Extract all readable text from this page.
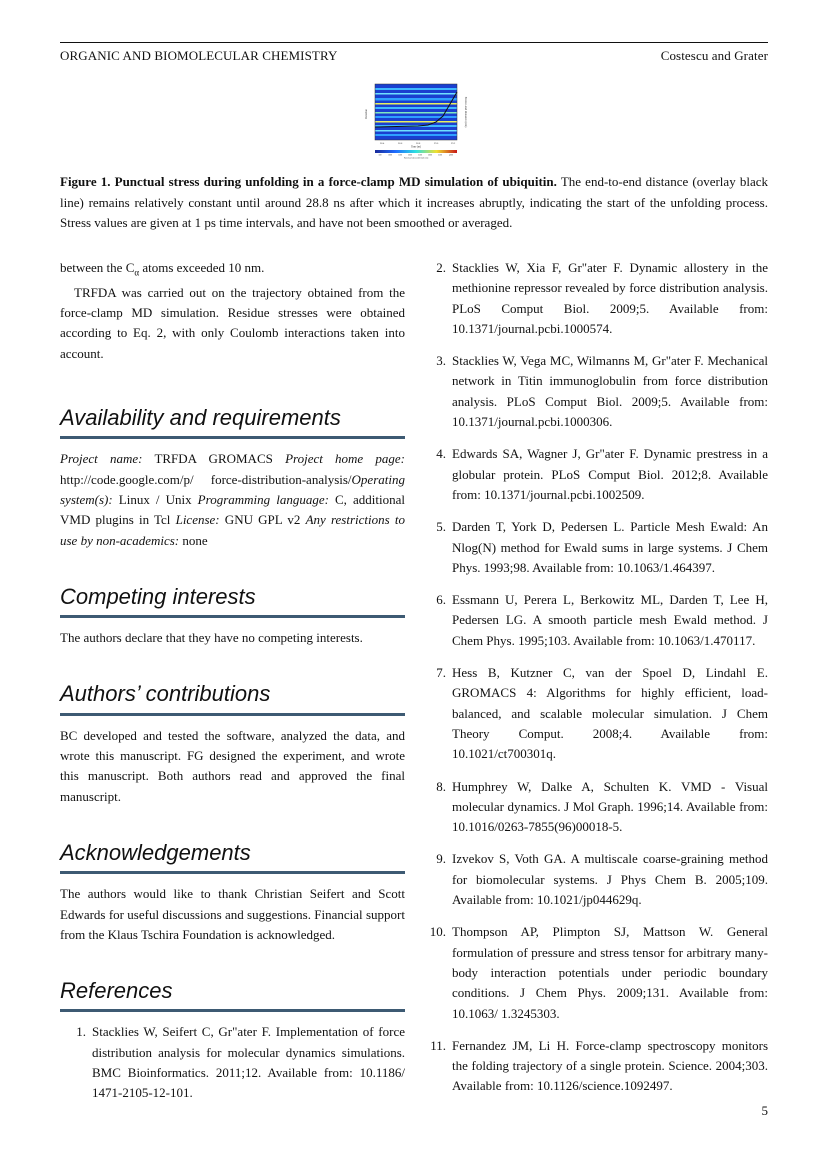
ORGANIC AND BIOMOLECULAR CHEMISTRY	Costescu and Grater
Residue	End-to-end distance (nm)
28.4	28.6	28.8	29.0	29.2
Time (ns)
500	1000	1500	2000	2500	3000	3500	4000
Punctual stress (kJ/mol nm)
Figure 1. Punctual stress during unfolding in a force-clamp MD simulation of ubiquitin. The end-to-end distance (overlay black line) remains relatively constant until around 28.8 ns after which it increases abruptly, indicating the start of the unfolding process. Stress values are given at 1 ps time intervals, and have not been smoothed or averaged.

between the $C_\alpha$ atoms exceeded 10 nm.

TRFDA was carried out on the trajectory obtained from the force-clamp MD simulation. Residue stresses were obtained according to Eq. 2, with only Coulomb interactions taken into account.

Availability and requirements

Project name: TRFDA GROMACS Project home page: http://code.google.com/p/ force-distribution-analysis/Operating system(s): Linux / Unix Programming language: C, additional VMD plugins in Tcl License: GNU GPL v2 Any restrictions to use by non-academics: none

Competing interests

The authors declare that they have no competing interests.

Authors’ contributions

BC developed and tested the software, analyzed the data, and wrote this manuscript. FG designed the experiment, and wrote this manuscript. Both authors read and approved the final manuscript.

Acknowledgements

The authors would like to thank Christian Seifert and Scott Edwards for useful discussions and suggestions. Financial support from the Klaus Tschira Foundation is acknowledged.

References
1. Stacklies W, Seifert C, Gr"ater F. Implementation of force distribution analysis for molecular dynamics simulations. BMC Bioinformatics. 2011;12. Available from: 10.1186/ 1471-2105-12-101.
2. Stacklies W, Xia F, Gr"ater F. Dynamic allostery in the methionine repressor revealed by force distribution analysis. PLoS Comput Biol. 2009;5. Available from: 10.1371/journal.pcbi.1000574.
3. Stacklies W, Vega MC, Wilmanns M, Gr"ater F. Mechanical network in Titin immunoglobulin from force distribution analysis. PLoS Comput Biol. 2009;5. Available from: 10.1371/journal.pcbi.1000306.
4. Edwards SA, Wagner J, Gr"ater F. Dynamic prestress in a globular protein. PLoS Comput Biol. 2012;8. Available from: 10.1371/journal.pcbi.1002509.
5. Darden T, York D, Pedersen L. Particle Mesh Ewald: An Nlog(N) method for Ewald sums in large systems. J Chem Phys. 1993;98. Available from: 10.1063/1.464397.
6. Essmann U, Perera L, Berkowitz ML, Darden T, Lee H, Pedersen LG. A smooth particle mesh Ewald method. J Chem Phys. 1995;103. Available from: 10.1063/1.470117.
7. Hess B, Kutzner C, van der Spoel D, Lindahl E. GROMACS 4: Algorithms for highly efficient, load-balanced, and scalable molecular simulation. J Chem Theory Comput. 2008;4. Available from: 10.1021/ct700301q.
8. Humphrey W, Dalke A, Schulten K. VMD - Visual molecular dynamics. J Mol Graph. 1996;14. Available from: 10.1016/0263-7855(96)00018-5.
9. Izvekov S, Voth GA. A multiscale coarse-graining method for biomolecular systems. J Phys Chem B. 2005;109. Available from: 10.1021/jp044629q.
10. Thompson AP, Plimpton SJ, Mattson W. General formulation of pressure and stress tensor for arbitrary many-body interaction potentials under periodic boundary conditions. J Chem Phys. 2009;131. Available from: 10.1063/ 1.3245303.
11. Fernandez JM, Li H. Force-clamp spectroscopy monitors the folding trajectory of a single protein. Science. 2004;303. Available from: 10.1126/science.1092497.
5
